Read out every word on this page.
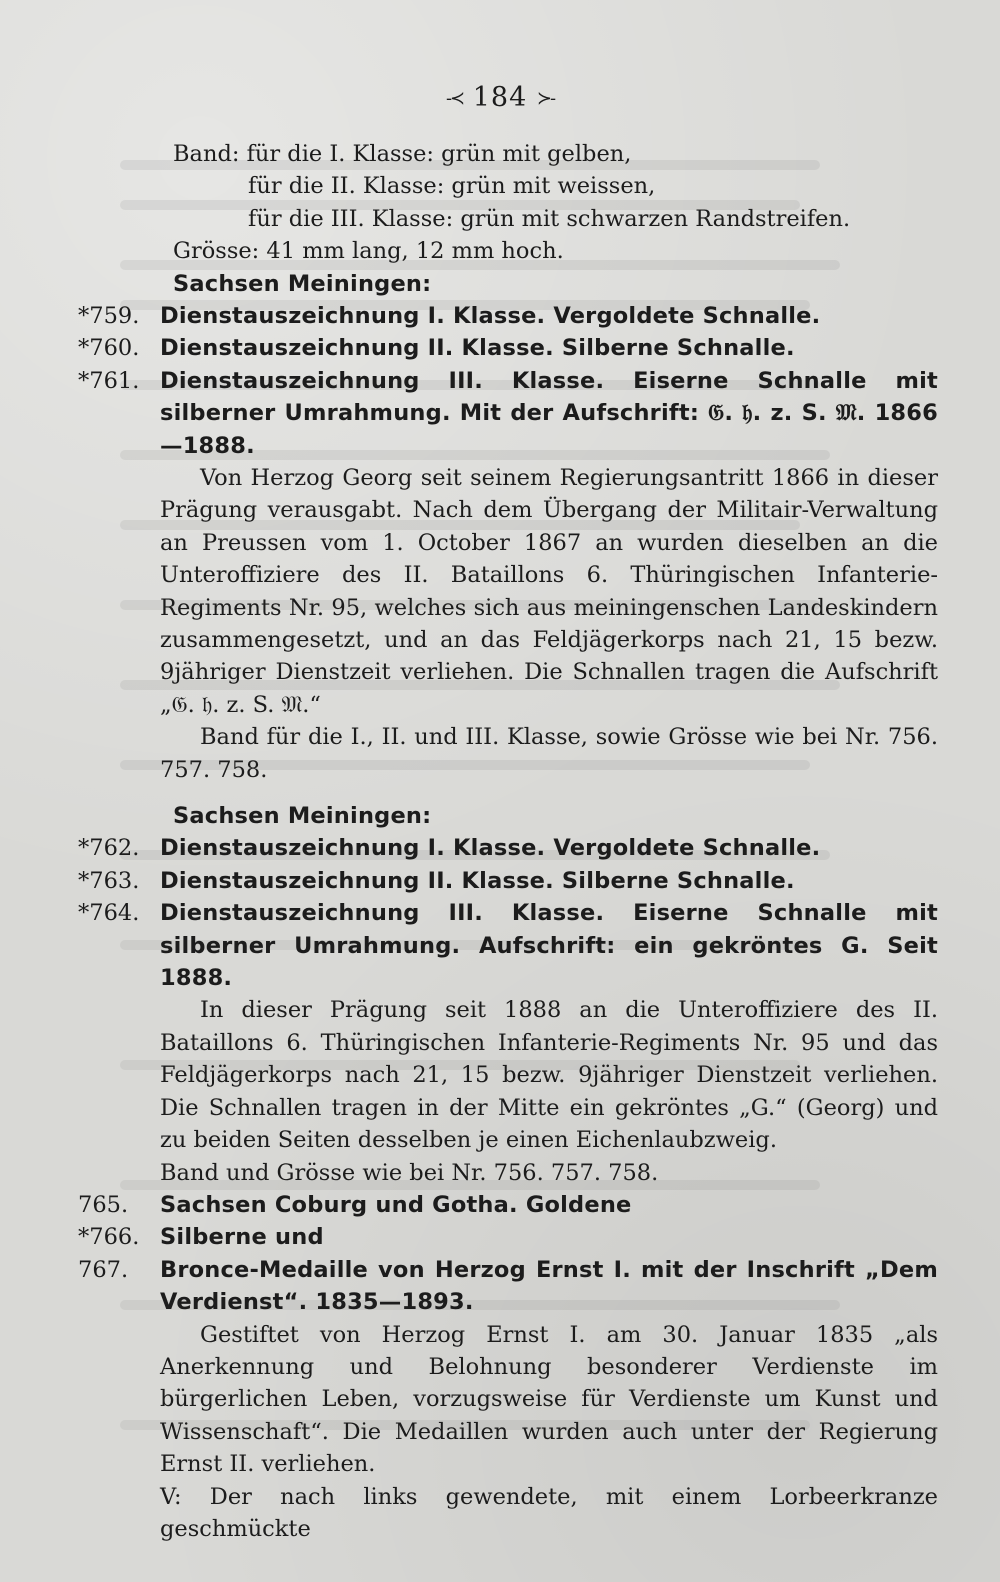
-≺ 184 ≻-
Band: für die I. Klasse: grün mit gelben,
für die II. Klasse: grün mit weissen,
für die III. Klasse: grün mit schwarzen Randstreifen.
Grösse: 41 mm lang, 12 mm hoch.
Sachsen Meiningen:
*759. Dienstauszeichnung I. Klasse. Vergoldete Schnalle.
*760. Dienstauszeichnung II. Klasse. Silberne Schnalle.
*761. Dienstauszeichnung III. Klasse. Eiserne Schnalle mit silberner Umrahmung. Mit der Aufschrift: 𝔊. 𝔥. z. S. 𝔐. 1866—1888.

Von Herzog Georg seit seinem Regierungsantritt 1866 in dieser Prägung verausgabt. Nach dem Übergang der Militair-Verwaltung an Preussen vom 1. October 1867 an wurden dieselben an die Unteroffiziere des II. Bataillons 6. Thüringischen Infanterie-Regiments Nr. 95, welches sich aus meiningenschen Landeskindern zusammengesetzt, und an das Feldjägerkorps nach 21, 15 bezw. 9jähriger Dienstzeit verliehen. Die Schnallen tragen die Aufschrift „𝔊. 𝔥. z. S. 𝔐.“

Band für die I., II. und III. Klasse, sowie Grösse wie bei Nr. 756. 757. 758.

Sachsen Meiningen:
*762. Dienstauszeichnung I. Klasse. Vergoldete Schnalle.
*763. Dienstauszeichnung II. Klasse. Silberne Schnalle.
*764. Dienstauszeichnung III. Klasse. Eiserne Schnalle mit silberner Umrahmung. Aufschrift: ein gekröntes G. Seit 1888.

In dieser Prägung seit 1888 an die Unteroffiziere des II. Bataillons 6. Thüringischen Infanterie-Regiments Nr. 95 und das Feldjägerkorps nach 21, 15 bezw. 9jähriger Dienstzeit verliehen. Die Schnallen tragen in der Mitte ein gekröntes „G.“ (Georg) und zu beiden Seiten desselben je einen Eichenlaubzweig.

Band und Grösse wie bei Nr. 756. 757. 758.

765.	Sachsen Coburg und Gotha. Goldene
*766. Silberne und
767.	Bronce-Medaille von Herzog Ernst I. mit der Inschrift „Dem Verdienst“. 1835—1893.

Gestiftet von Herzog Ernst I. am 30. Januar 1835 „als Anerkennung und Belohnung besonderer Verdienste im bürgerlichen Leben, vorzugsweise für Verdienste um Kunst und Wissenschaft“. Die Medaillen wurden auch unter der Regierung Ernst II. verliehen.

V: Der nach links gewendete, mit einem Lorbeerkranze geschmückte
